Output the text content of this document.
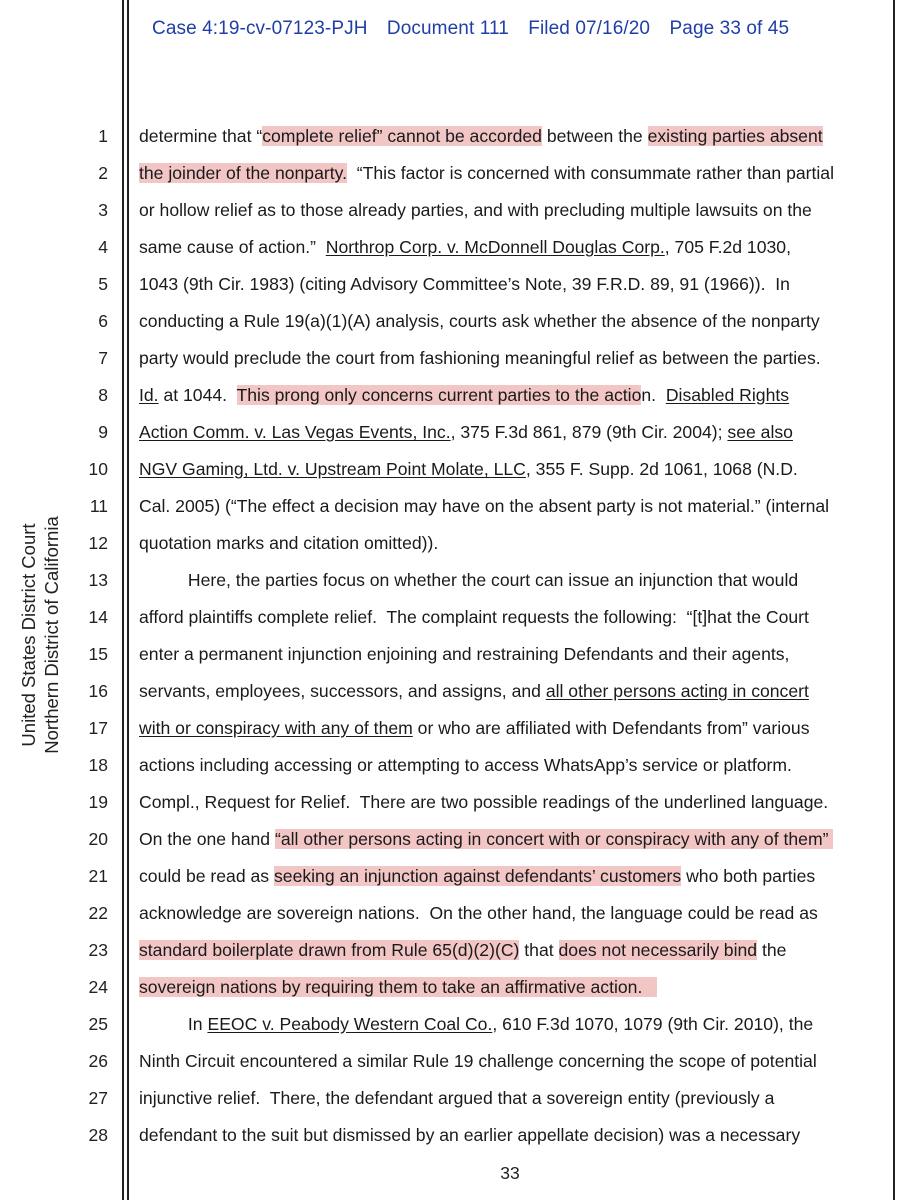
Case 4:19-cv-07123-PJH Document 111 Filed 07/16/20 Page 33 of 45
United States District Court Northern District of California
1
2
3
4
5
6
7
8
9
10
11
12
13
14
15
16
17
18
19
20
21
22
23
24
25
26
27
28
determine that “complete relief” cannot be accorded between the existing parties absent
the joinder of the nonparty.  “This factor is concerned with consummate rather than partial
or hollow relief as to those already parties, and with precluding multiple lawsuits on the
same cause of action.”  Northrop Corp. v. McDonnell Douglas Corp., 705 F.2d 1030,
1043 (9th Cir. 1983) (citing Advisory Committee’s Note, 39 F.R.D. 89, 91 (1966)).  In
conducting a Rule 19(a)(1)(A) analysis, courts ask whether the absence of the nonparty
party would preclude the court from fashioning meaningful relief as between the parties.
Id. at 1044.  This prong only concerns current parties to the action.  Disabled Rights
Action Comm. v. Las Vegas Events, Inc., 375 F.3d 861, 879 (9th Cir. 2004); see also
NGV Gaming, Ltd. v. Upstream Point Molate, LLC, 355 F. Supp. 2d 1061, 1068 (N.D.
Cal. 2005) (“The effect a decision may have on the absent party is not material.” (internal
quotation marks and citation omitted)).
Here, the parties focus on whether the court can issue an injunction that would
afford plaintiffs complete relief.  The complaint requests the following:  “[t]hat the Court
enter a permanent injunction enjoining and restraining Defendants and their agents,
servants, employees, successors, and assigns, and all other persons acting in concert
with or conspiracy with any of them or who are affiliated with Defendants from” various
actions including accessing or attempting to access WhatsApp’s service or platform.
Compl., Request for Relief.  There are two possible readings of the underlined language.
On the one hand “all other persons acting in concert with or conspiracy with any of them”
could be read as seeking an injunction against defendants’ customers who both parties
acknowledge are sovereign nations.  On the other hand, the language could be read as
standard boilerplate drawn from Rule 65(d)(2)(C) that does not necessarily bind the
sovereign nations by requiring them to take an affirmative action.
In EEOC v. Peabody Western Coal Co., 610 F.3d 1070, 1079 (9th Cir. 2010), the
Ninth Circuit encountered a similar Rule 19 challenge concerning the scope of potential
injunctive relief.  There, the defendant argued that a sovereign entity (previously a
defendant to the suit but dismissed by an earlier appellate decision) was a necessary
33
